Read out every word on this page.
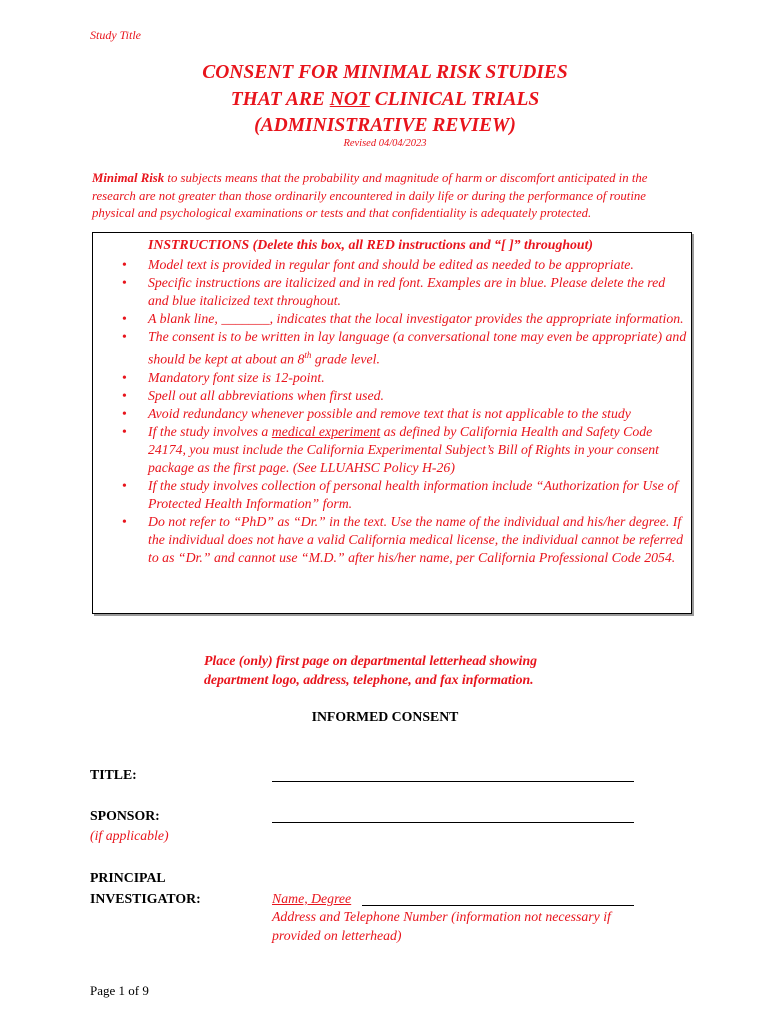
Study Title
CONSENT FOR MINIMAL RISK STUDIES
THAT ARE NOT CLINICAL TRIALS
(ADMINISTRATIVE REVIEW)
Revised 04/04/2023
Minimal Risk to subjects means that the probability and magnitude of harm or discomfort anticipated in the research are not greater than those ordinarily encountered in daily life or during the performance of routine physical and psychological examinations or tests and that confidentiality is adequately protected.
INSTRUCTIONS (Delete this box, all RED instructions and “[ ]” throughout)
• Model text is provided in regular font and should be edited as needed to be appropriate.
• Specific instructions are italicized and in red font. Examples are in blue. Please delete the red and blue italicized text throughout.
• A blank line, _______, indicates that the local investigator provides the appropriate information.
• The consent is to be written in lay language (a conversational tone may even be appropriate) and should be kept at about an 8th grade level.
• Mandatory font size is 12-point.
• Spell out all abbreviations when first used.
• Avoid redundancy whenever possible and remove text that is not applicable to the study
• If the study involves a medical experiment as defined by California Health and Safety Code 24174, you must include the California Experimental Subject’s Bill of Rights in your consent package as the first page. (See LLUAHSC Policy H-26)
• If the study involves collection of personal health information include “Authorization for Use of Protected Health Information” form.
• Do not refer to “PhD” as “Dr.” in the text. Use the name of the individual and his/her degree. If the individual does not have a valid California medical license, the individual cannot be referred to as “Dr.” and cannot use “M.D.” after his/her name, per California Professional Code 2054.
Place (only) first page on departmental letterhead showing
department logo, address, telephone, and fax information.
INFORMED CONSENT
TITLE:
SPONSOR:
(if applicable)
PRINCIPAL
INVESTIGATOR:	Name, Degree
Address and Telephone Number (information not necessary if
provided on letterhead)
Page 1 of 9
